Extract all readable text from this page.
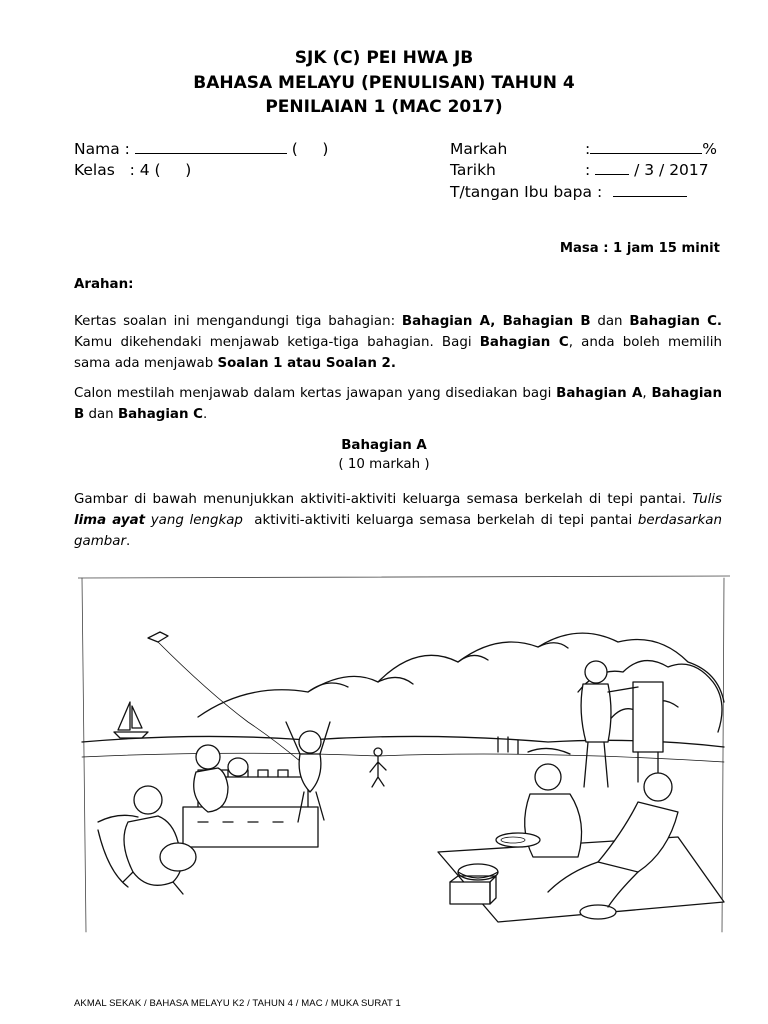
SJK (C) PEI HWA JB
BAHASA MELAYU (PENULISAN) TAHUN 4
PENILAIAN 1 (MAC 2017)
Nama :	(     )
Kelas   : 4 (     )
Markah	:	%
Tarikh	:	/ 3 / 2017
T/tangan Ibu bapa :
Masa : 1 jam 15 minit
Arahan:
Kertas soalan ini mengandungi tiga bahagian: Bahagian A, Bahagian B dan Bahagian C. Kamu dikehendaki menjawab ketiga-tiga bahagian. Bagi Bahagian C, anda boleh memilih sama ada menjawab Soalan 1 atau Soalan 2.
Calon mestilah menjawab dalam kertas jawapan yang disediakan bagi Bahagian A, Bahagian B dan Bahagian C.
Bahagian A
( 10 markah )
Gambar di bawah menunjukkan aktiviti-aktiviti keluarga semasa berkelah di tepi pantai. Tulis lima ayat yang lengkap  aktiviti-aktiviti keluarga semasa berkelah di tepi pantai berdasarkan gambar.
AKMAL SEKAK / BAHASA MELAYU K2 / TAHUN 4 / MAC / MUKA SURAT 1
